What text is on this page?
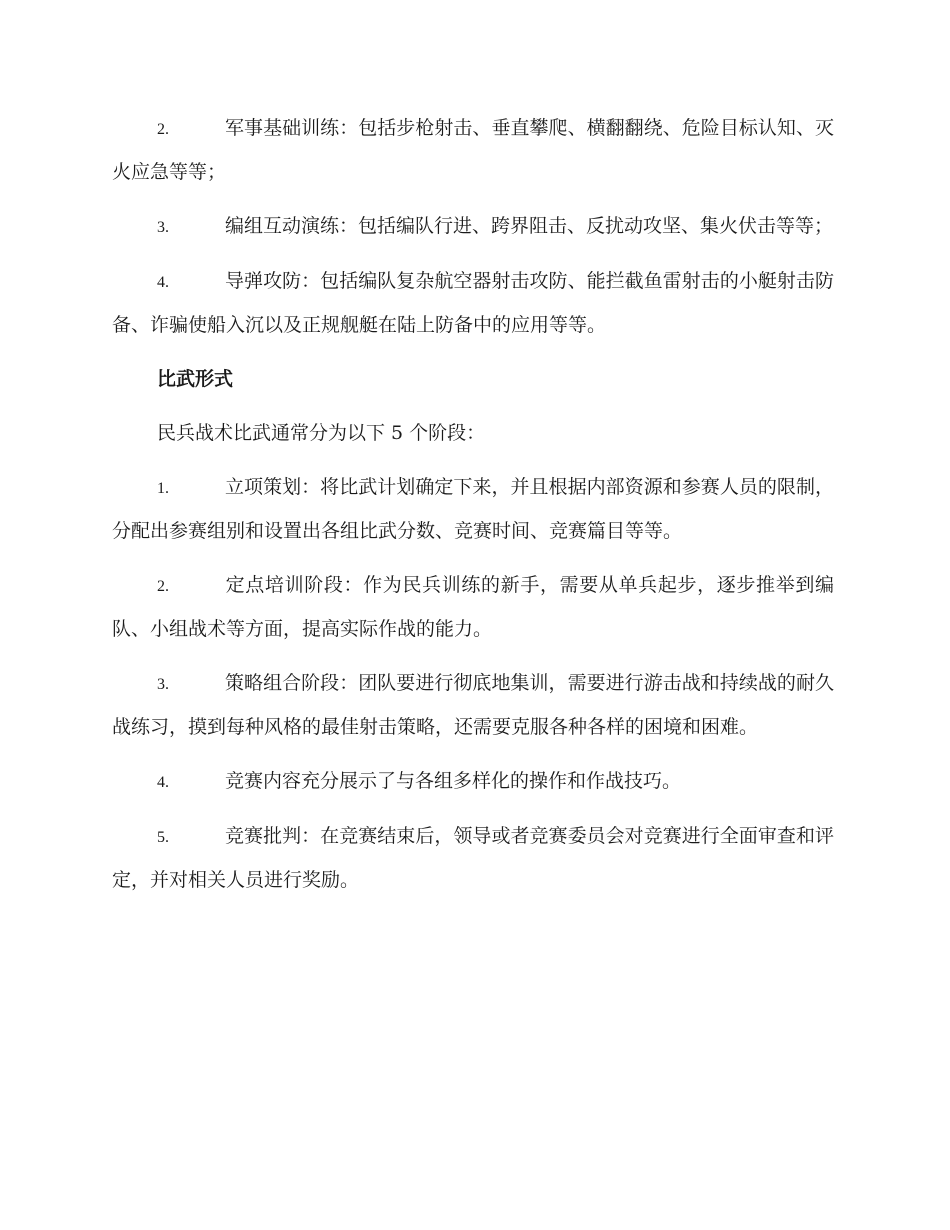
2.	军事基础训练：包括步枪射击、垂直攀爬、横翻翻绕、危险目标认知、灭火应急等等；

3.	编组互动演练：包括编队行进、跨界阻击、反扰动攻坚、集火伏击等等；

4.	导弹攻防：包括编队复杂航空器射击攻防、能拦截鱼雷射击的小艇射击防备、诈骗使船入沉以及正规舰艇在陆上防备中的应用等等。

比武形式

民兵战术比武通常分为以下 5 个阶段：

1.	立项策划：将比武计划确定下来，并且根据内部资源和参赛人员的限制，分配出参赛组别和设置出各组比武分数、竞赛时间、竞赛篇目等等。

2.	定点培训阶段：作为民兵训练的新手，需要从单兵起步，逐步推举到编队、小组战术等方面，提高实际作战的能力。

3.	策略组合阶段：团队要进行彻底地集训，需要进行游击战和持续战的耐久战练习，摸到每种风格的最佳射击策略，还需要克服各种各样的困境和困难。

4.	竞赛内容充分展示了与各组多样化的操作和作战技巧。

5.	竞赛批判：在竞赛结束后，领导或者竞赛委员会对竞赛进行全面审查和评定，并对相关人员进行奖励。
